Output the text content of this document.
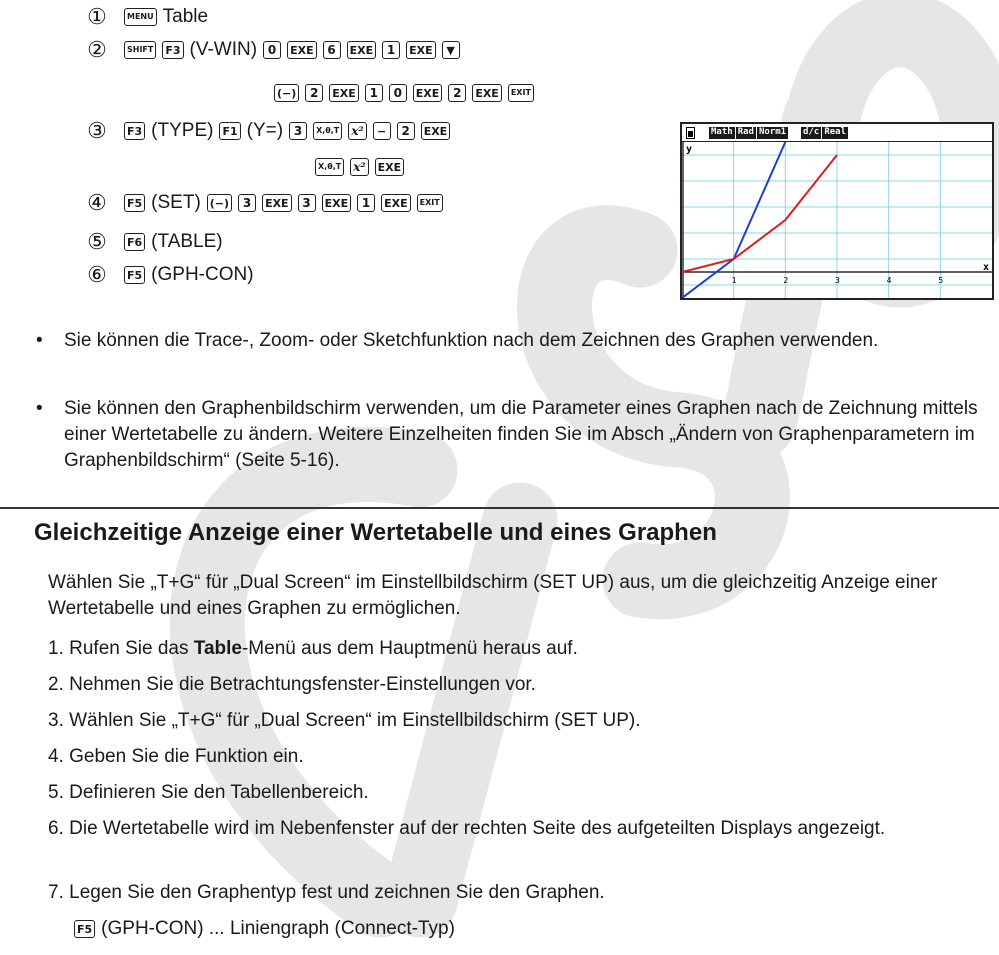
①	MENU Table
②	SHIFT F3 (V-WIN) 0	EXE	6	EXE	1	EXE	▼
(−)	2	EXE	1	0	EXE	2	EXE	EXIT
③ F3 (TYPE) F1 (Y=) 3	X,θ,T x²	−	2	EXE
X,θ,T x² EXE
④ F5 (SET) (−)	3	EXE	3	EXE	1	EXE	EXIT
⑤ F6 (TABLE)
⑥ F5 (GPH-CON)
Math Rad Norm1 d/c Real
1	2	3	4	5
y
x
• Sie können die Trace-, Zoom- oder Sketchfunktion nach dem Zeichnen des Graphen verwenden.
• Sie können den Graphenbildschirm verwenden, um die Parameter eines Graphen nach de Zeichnung mittels einer Wertetabelle zu ändern. Weitere Einzelheiten finden Sie im Absch „Ändern von Graphenparametern im Graphenbildschirm“ (Seite 5-16).
Gleichzeitige Anzeige einer Wertetabelle und eines Graphen
Wählen Sie „T+G“ für „Dual Screen“ im Einstellbildschirm (SET UP) aus, um die gleichzeitig Anzeige einer Wertetabelle und eines Graphen zu ermöglichen.
1. Rufen Sie das Table-Menü aus dem Hauptmenü heraus auf.
2. Nehmen Sie die Betrachtungsfenster-Einstellungen vor.
3. Wählen Sie „T+G“ für „Dual Screen“ im Einstellbildschirm (SET UP).
4. Geben Sie die Funktion ein.
5. Definieren Sie den Tabellenbereich.
6. Die Wertetabelle wird im Nebenfenster auf der rechten Seite des aufgeteilten Displays angezeigt.
7. Legen Sie den Graphentyp fest und zeichnen Sie den Graphen.
F5 (GPH-CON) ... Liniengraph (Connect-Typ)
